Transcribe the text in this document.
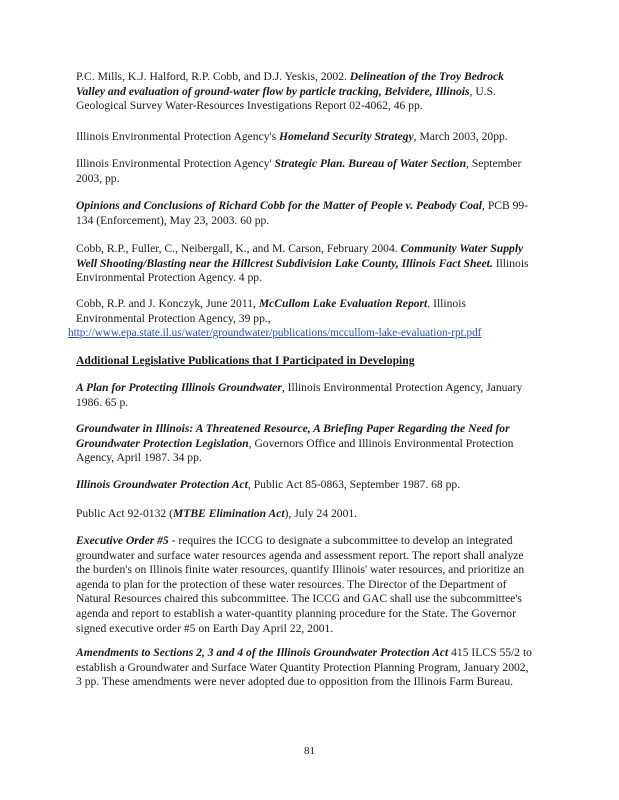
P.C. Mills, K.J. Halford, R.P. Cobb, and D.J. Yeskis, 2002. Delineation of the Troy Bedrock Valley and evaluation of ground-water flow by particle tracking, Belvidere, Illinois, U.S. Geological Survey Water-Resources Investigations Report 02-4062, 46 pp.
Illinois Environmental Protection Agency's Homeland Security Strategy, March 2003, 20pp.
Illinois Environmental Protection Agency' Strategic Plan. Bureau of Water Section, September 2003, pp.
Opinions and Conclusions of Richard Cobb for the Matter of People v. Peabody Coal, PCB 99-134 (Enforcement), May 23, 2003. 60 pp.
Cobb, R.P., Fuller, C., Neibergall, K., and M. Carson, February 2004. Community Water Supply Well Shooting/Blasting near the Hillcrest Subdivision Lake County, Illinois Fact Sheet. Illinois Environmental Protection Agency. 4 pp.
Cobb, R.P. and J. Konczyk, June 2011, McCullom Lake Evaluation Report. Illinois Environmental Protection Agency, 39 pp.,
http://www.epa.state.il.us/water/groundwater/publications/mccullom-lake-evaluation-rpt.pdf
Additional Legislative Publications that I Participated in Developing
A Plan for Protecting Illinois Groundwater, Illinois Environmental Protection Agency, January 1986. 65 p.
Groundwater in Illinois: A Threatened Resource, A Briefing Paper Regarding the Need for Groundwater Protection Legislation, Governors Office and Illinois Environmental Protection Agency, April 1987. 34 pp.
Illinois Groundwater Protection Act, Public Act 85-0863, September 1987. 68 pp.
Public Act 92-0132 (MTBE Elimination Act), July 24 2001.
Executive Order #5 - requires the ICCG to designate a subcommittee to develop an integrated groundwater and surface water resources agenda and assessment report. The report shall analyze the burden's on Illinois finite water resources, quantify Illinois' water resources, and prioritize an agenda to plan for the protection of these water resources. The Director of the Department of Natural Resources chaired this subcommittee. The ICCG and GAC shall use the subcommittee's agenda and report to establish a water-quantity planning procedure for the State. The Governor signed executive order #5 on Earth Day April 22, 2001.
Amendments to Sections 2, 3 and 4 of the Illinois Groundwater Protection Act 415 ILCS 55/2 to establish a Groundwater and Surface Water Quantity Protection Planning Program, January 2002, 3 pp. These amendments were never adopted due to opposition from the Illinois Farm Bureau.
81
